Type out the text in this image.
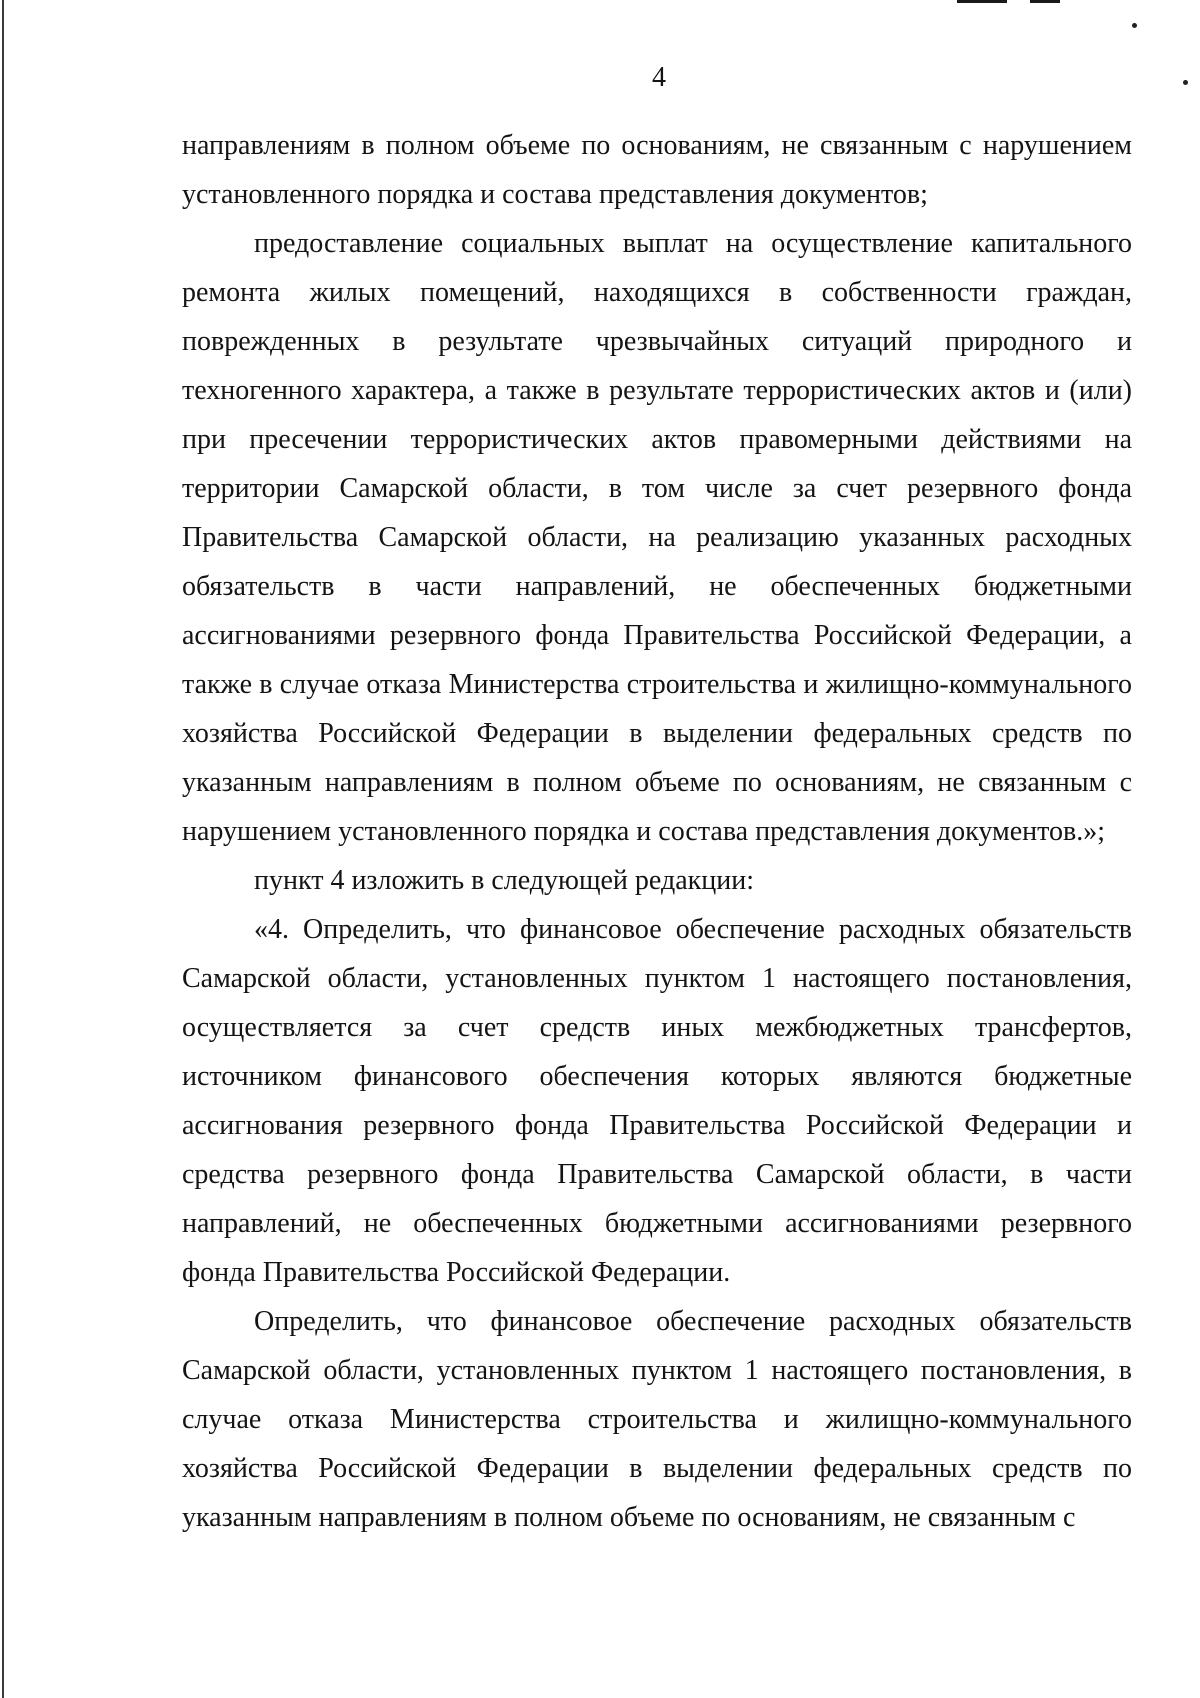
4

направлениям в полном объеме по основаниям, не связанным с нарушением установленного порядка и состава представления документов;

предоставление социальных выплат на осуществление капитального ремонта жилых помещений, находящихся в собственности граждан, поврежденных в результате чрезвычайных ситуаций природного и техногенного характера, а также в результате террористических актов и (или) при пресечении террористических актов правомерными действиями на территории Самарской области, в том числе за счет резервного фонда Правительства Самарской области, на реализацию указанных расходных обязательств в части направлений, не обеспеченных бюджетными ассигнованиями резервного фонда Правительства Российской Федерации, а также в случае отказа Министерства строительства и жилищно-коммунального хозяйства Российской Федерации в выделении федеральных средств по указанным направлениям в полном объеме по основаниям, не связанным с нарушением установленного порядка и состава представления документов.»;

пункт 4 изложить в следующей редакции:

«4. Определить, что финансовое обеспечение расходных обязательств Самарской области, установленных пунктом 1 настоящего постановления, осуществляется за счет средств иных межбюджетных трансфертов, источником финансового обеспечения которых являются бюджетные ассигнования резервного фонда Правительства Российской Федерации и средства резервного фонда Правительства Самарской области, в части направлений, не обеспеченных бюджетными ассигнованиями резервного фонда Правительства Российской Федерации.

Определить, что финансовое обеспечение расходных обязательств Самарской области, установленных пунктом 1 настоящего постановления, в случае отказа Министерства строительства и жилищно-коммунального хозяйства Российской Федерации в выделении федеральных средств по указанным направлениям в полном объеме по основаниям, не связанным с
